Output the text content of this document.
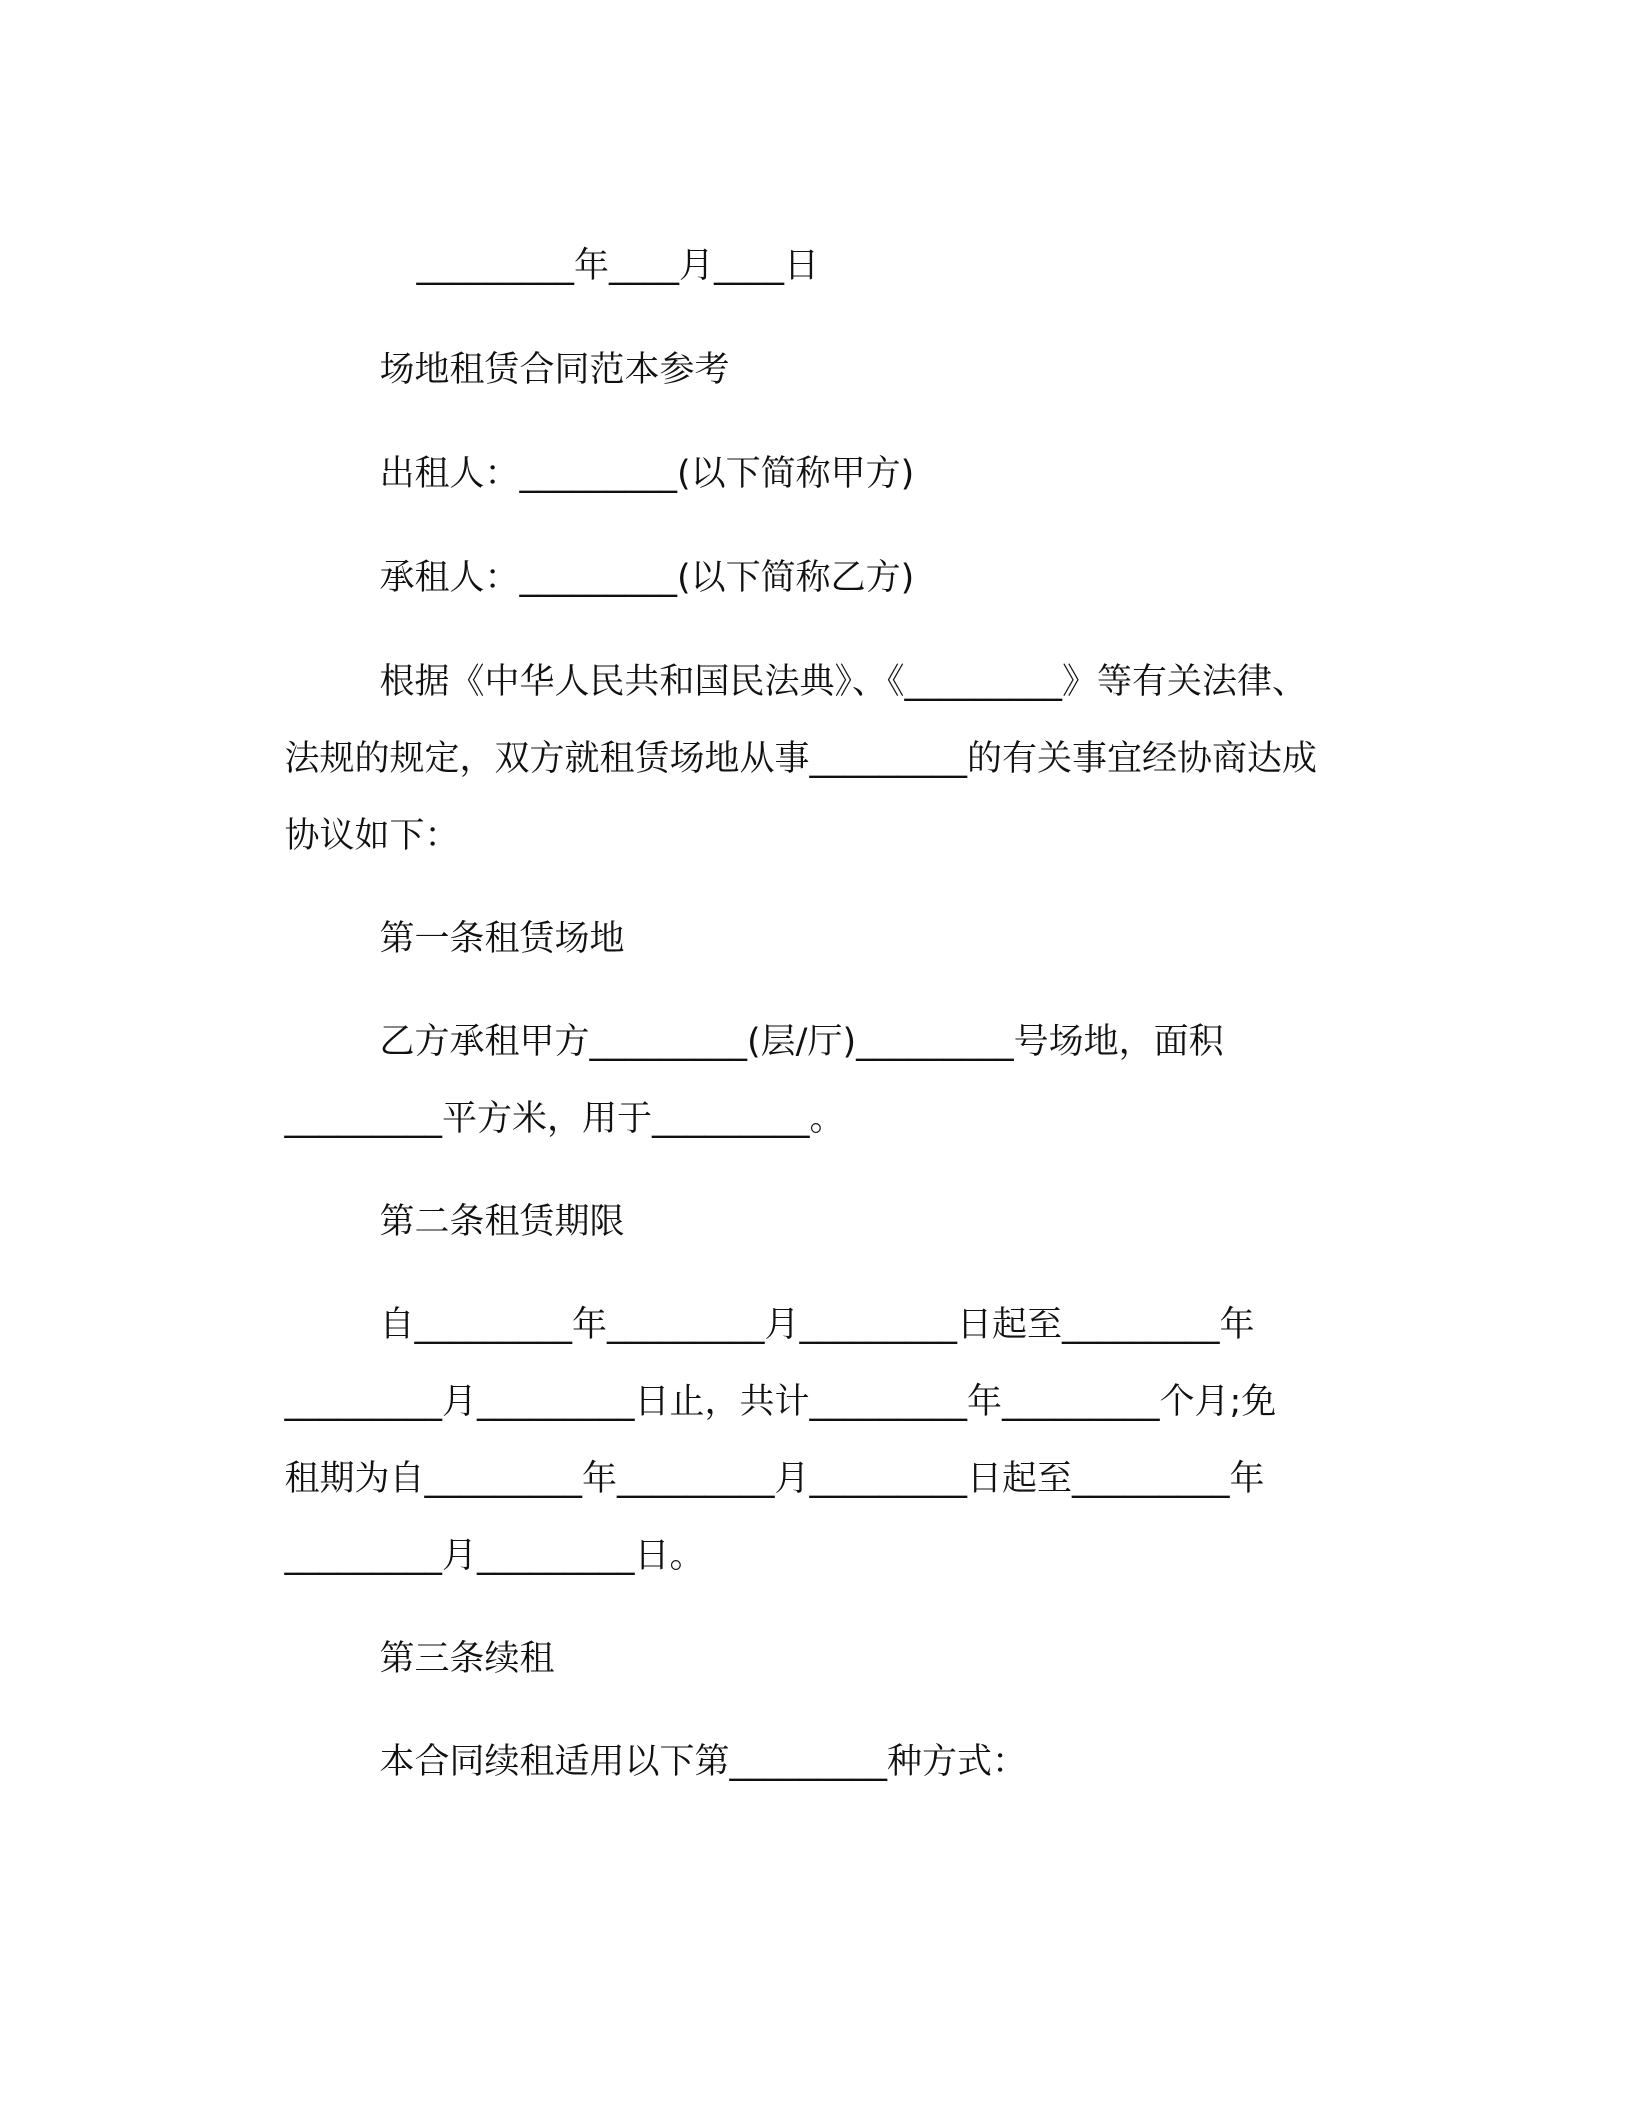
_________年____月____日

场地租赁合同范本参考

出租人：_________(以下简称甲方)

承租人：_________(以下简称乙方)

根据《中华人民共和国民法典》、《_________》等有关法律、

法规的规定，双方就租赁场地从事_________的有关事宜经协商达成

协议如下：

第一条租赁场地

乙方承租甲方_________(层/厅)_________号场地，面积

_________平方米，用于_________。

第二条租赁期限

自_________年_________月_________日起至_________年

_________月_________日止，共计_________年_________个月;免

租期为自_________年_________月_________日起至_________年

_________月_________日。

第三条续租

本合同续租适用以下第_________种方式：
